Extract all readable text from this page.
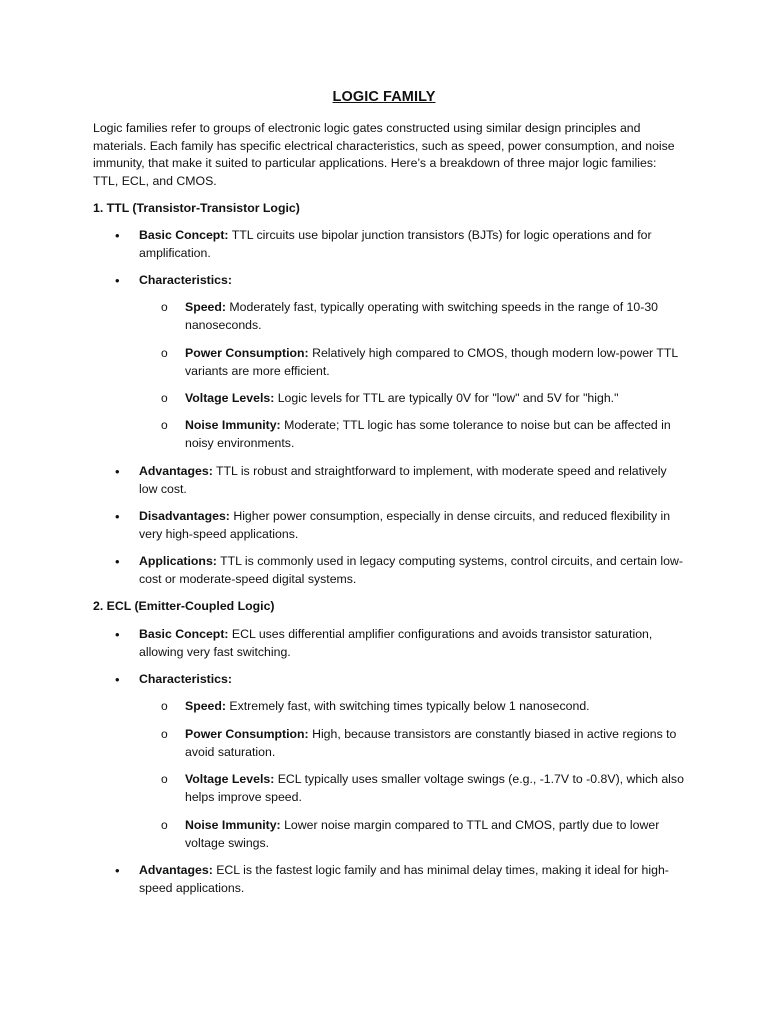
LOGIC FAMILY

Logic families refer to groups of electronic logic gates constructed using similar design principles and materials. Each family has specific electrical characteristics, such as speed, power consumption, and noise immunity, that make it suited to particular applications. Here’s a breakdown of three major logic families: TTL, ECL, and CMOS.

1. TTL (Transistor-Transistor Logic)

• Basic Concept: TTL circuits use bipolar junction transistors (BJTs) for logic operations and for amplification.

• Characteristics:

o Speed: Moderately fast, typically operating with switching speeds in the range of 10-30 nanoseconds.

o Power Consumption: Relatively high compared to CMOS, though modern low-power TTL variants are more efficient.

o Voltage Levels: Logic levels for TTL are typically 0V for "low" and 5V for "high."

o Noise Immunity: Moderate; TTL logic has some tolerance to noise but can be affected in noisy environments.

• Advantages: TTL is robust and straightforward to implement, with moderate speed and relatively low cost.

• Disadvantages: Higher power consumption, especially in dense circuits, and reduced flexibility in very high-speed applications.

• Applications: TTL is commonly used in legacy computing systems, control circuits, and certain low-cost or moderate-speed digital systems.

2. ECL (Emitter-Coupled Logic)

• Basic Concept: ECL uses differential amplifier configurations and avoids transistor saturation, allowing very fast switching.

• Characteristics:

o Speed: Extremely fast, with switching times typically below 1 nanosecond.

o Power Consumption: High, because transistors are constantly biased in active regions to avoid saturation.

o Voltage Levels: ECL typically uses smaller voltage swings (e.g., -1.7V to -0.8V), which also helps improve speed.

o Noise Immunity: Lower noise margin compared to TTL and CMOS, partly due to lower voltage swings.

• Advantages: ECL is the fastest logic family and has minimal delay times, making it ideal for high-speed applications.
